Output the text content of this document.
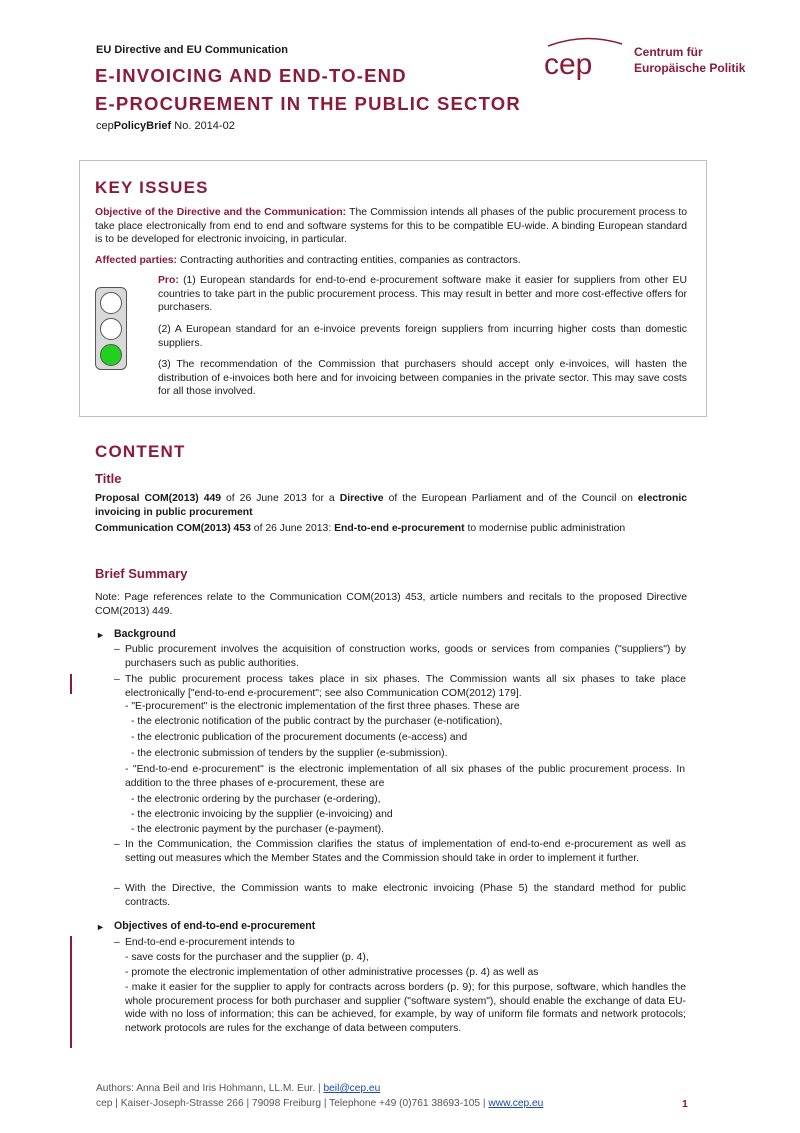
EU Directive and EU Communication
E-INVOICING AND END-TO-END
E-PROCUREMENT IN THE PUBLIC SECTOR
cepPolicyBrief No. 2014-02
cep	Centrum für
Europäische Politik
KEY ISSUES
Objective of the Directive and the Communication: The Commission intends all phases of the public procurement process to take place electronically from end to end and software systems for this to be compatible EU-wide. A binding European standard is to be developed for electronic invoicing, in particular.
Affected parties: Contracting authorities and contracting entities, companies as contractors.
Pro: (1) European standards for end-to-end e-procurement software make it easier for suppliers from other EU countries to take part in the public procurement process. This may result in better and more cost-effective offers for purchasers.
(2) A European standard for an e-invoice prevents foreign suppliers from incurring higher costs than domestic suppliers.
(3) The recommendation of the Commission that purchasers should accept only e-invoices, will hasten the distribution of e-invoices both here and for invoicing between companies in the private sector. This may save costs for all those involved.
CONTENT
Title
Proposal COM(2013) 449 of 26 June 2013 for a Directive of the European Parliament and of the Council on electronic invoicing in public procurement
Communication COM(2013) 453 of 26 June 2013: End-to-end e-procurement to modernise public administration
Brief Summary
Note: Page references relate to the Communication COM(2013) 453, article numbers and recitals to the proposed Directive COM(2013) 449.
► Background
– Public procurement involves the acquisition of construction works, goods or services from companies ("suppliers") by purchasers such as public authorities.
– The public procurement process takes place in six phases. The Commission wants all six phases to take place electronically ["end-to-end e-procurement"; see also Communication COM(2012) 179].
- "E-procurement" is the electronic implementation of the first three phases. These are
- the electronic notification of the public contract by the purchaser (e-notification),
- the electronic publication of the procurement documents (e-access) and
- the electronic submission of tenders by the supplier (e-submission).
- "End-to-end e-procurement" is the electronic implementation of all six phases of the public procurement process. In addition to the three phases of e-procurement, these are
- the electronic ordering by the purchaser (e-ordering),
- the electronic invoicing by the supplier (e-invoicing) and
- the electronic payment by the purchaser (e-payment).
– In the Communication, the Commission clarifies the status of implementation of end-to-end e-procurement as well as setting out measures which the Member States and the Commission should take in order to implement it further.
– With the Directive, the Commission wants to make electronic invoicing (Phase 5) the standard method for public contracts.
► Objectives of end-to-end e-procurement
– End-to-end e-procurement intends to
- save costs for the purchaser and the supplier (p. 4),
- promote the electronic implementation of other administrative processes (p. 4) as well as
- make it easier for the supplier to apply for contracts across borders (p. 9); for this purpose, software, which handles the whole procurement process for both purchaser and supplier ("software system"), should enable the exchange of data EU-wide with no loss of information; this can be achieved, for example, by way of uniform file formats and network protocols; network protocols are rules for the exchange of data between computers.
Authors: Anna Beil and Iris Hohmann, LL.M. Eur. | beil@cep.eu
cep | Kaiser-Joseph-Strasse 266 | 79098 Freiburg | Telephone +49 (0)761 38693-105 | www.cep.eu	1
